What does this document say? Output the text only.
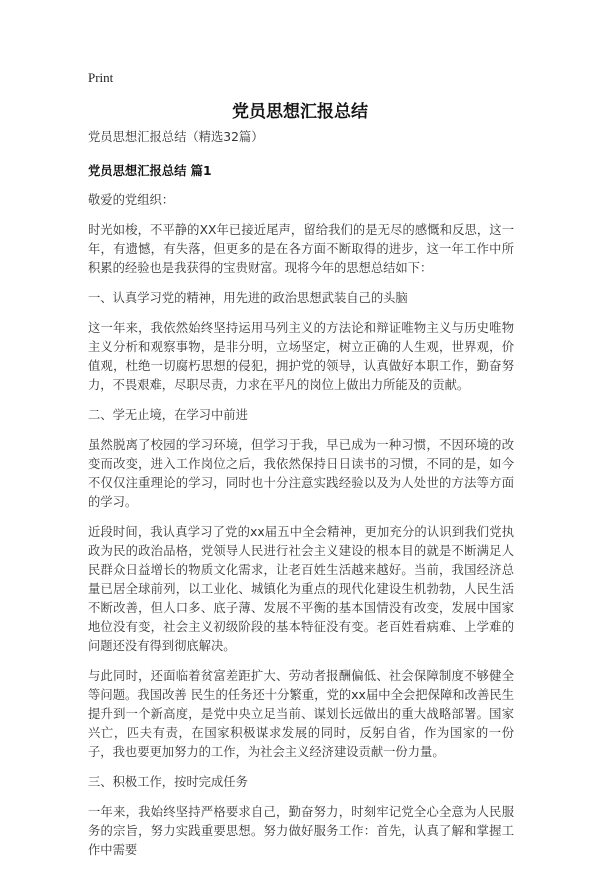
Print
党员思想汇报总结

党员思想汇报总结（精选32篇）

党员思想汇报总结 篇1

敬爱的党组织：

时光如梭，不平静的XX年已接近尾声，留给我们的是无尽的感慨和反思，这一年，有遗憾，有失落，但更多的是在各方面不断取得的进步，这一年工作中所积累的经验也是我获得的宝贵财富。现将今年的思想总结如下：

一、认真学习党的精神，用先进的政治思想武装自己的头脑

这一年来，我依然始终坚持运用马列主义的方法论和辩证唯物主义与历史唯物主义分析和观察事物，是非分明，立场坚定，树立正确的人生观，世界观，价值观，杜绝一切腐朽思想的侵犯，拥护党的领导，认真做好本职工作，勤奋努力，不畏艰难，尽职尽责，力求在平凡的岗位上做出力所能及的贡献。

二、学无止境，在学习中前进

虽然脱离了校园的学习环境，但学习于我，早已成为一种习惯，不因环境的改变而改变，进入工作岗位之后，我依然保持日日读书的习惯，不同的是，如今不仅仅注重理论的学习，同时也十分注意实践经验以及为人处世的方法等方面的学习。

近段时间，我认真学习了党的xx届五中全会精神，更加充分的认识到我们党执政为民的政治品格，党领导人民进行社会主义建设的根本目的就是不断满足人民群众日益增长的物质文化需求，让老百姓生活越来越好。当前，我国经济总量已居全球前列，以工业化、城镇化为重点的现代化建设生机勃勃，人民生活不断改善，但人口多、底子薄、发展不平衡的基本国情没有改变，发展中国家地位没有变，社会主义初级阶段的基本特征没有变。老百姓看病难、上学难的问题还没有得到彻底解决。

与此同时，还面临着贫富差距扩大、劳动者报酬偏低、社会保障制度不够健全等问题。我国改善 民生的任务还十分繁重，党的xx届中全会把保障和改善民生提升到一个新高度，是党中央立足当前、谋划长远做出的重大战略部署。国家兴亡，匹夫有责，在国家积极谋求发展的同时，反躬自省，作为国家的一份子，我也要更加努力的工作，为社会主义经济建设贡献一份力量。

三、积极工作，按时完成任务

一年来，我始终坚持严格要求自己，勤奋努力，时刻牢记党全心全意为人民服务的宗旨，努力实践重要思想。努力做好服务工作：首先，认真了解和掌握工作中需要
